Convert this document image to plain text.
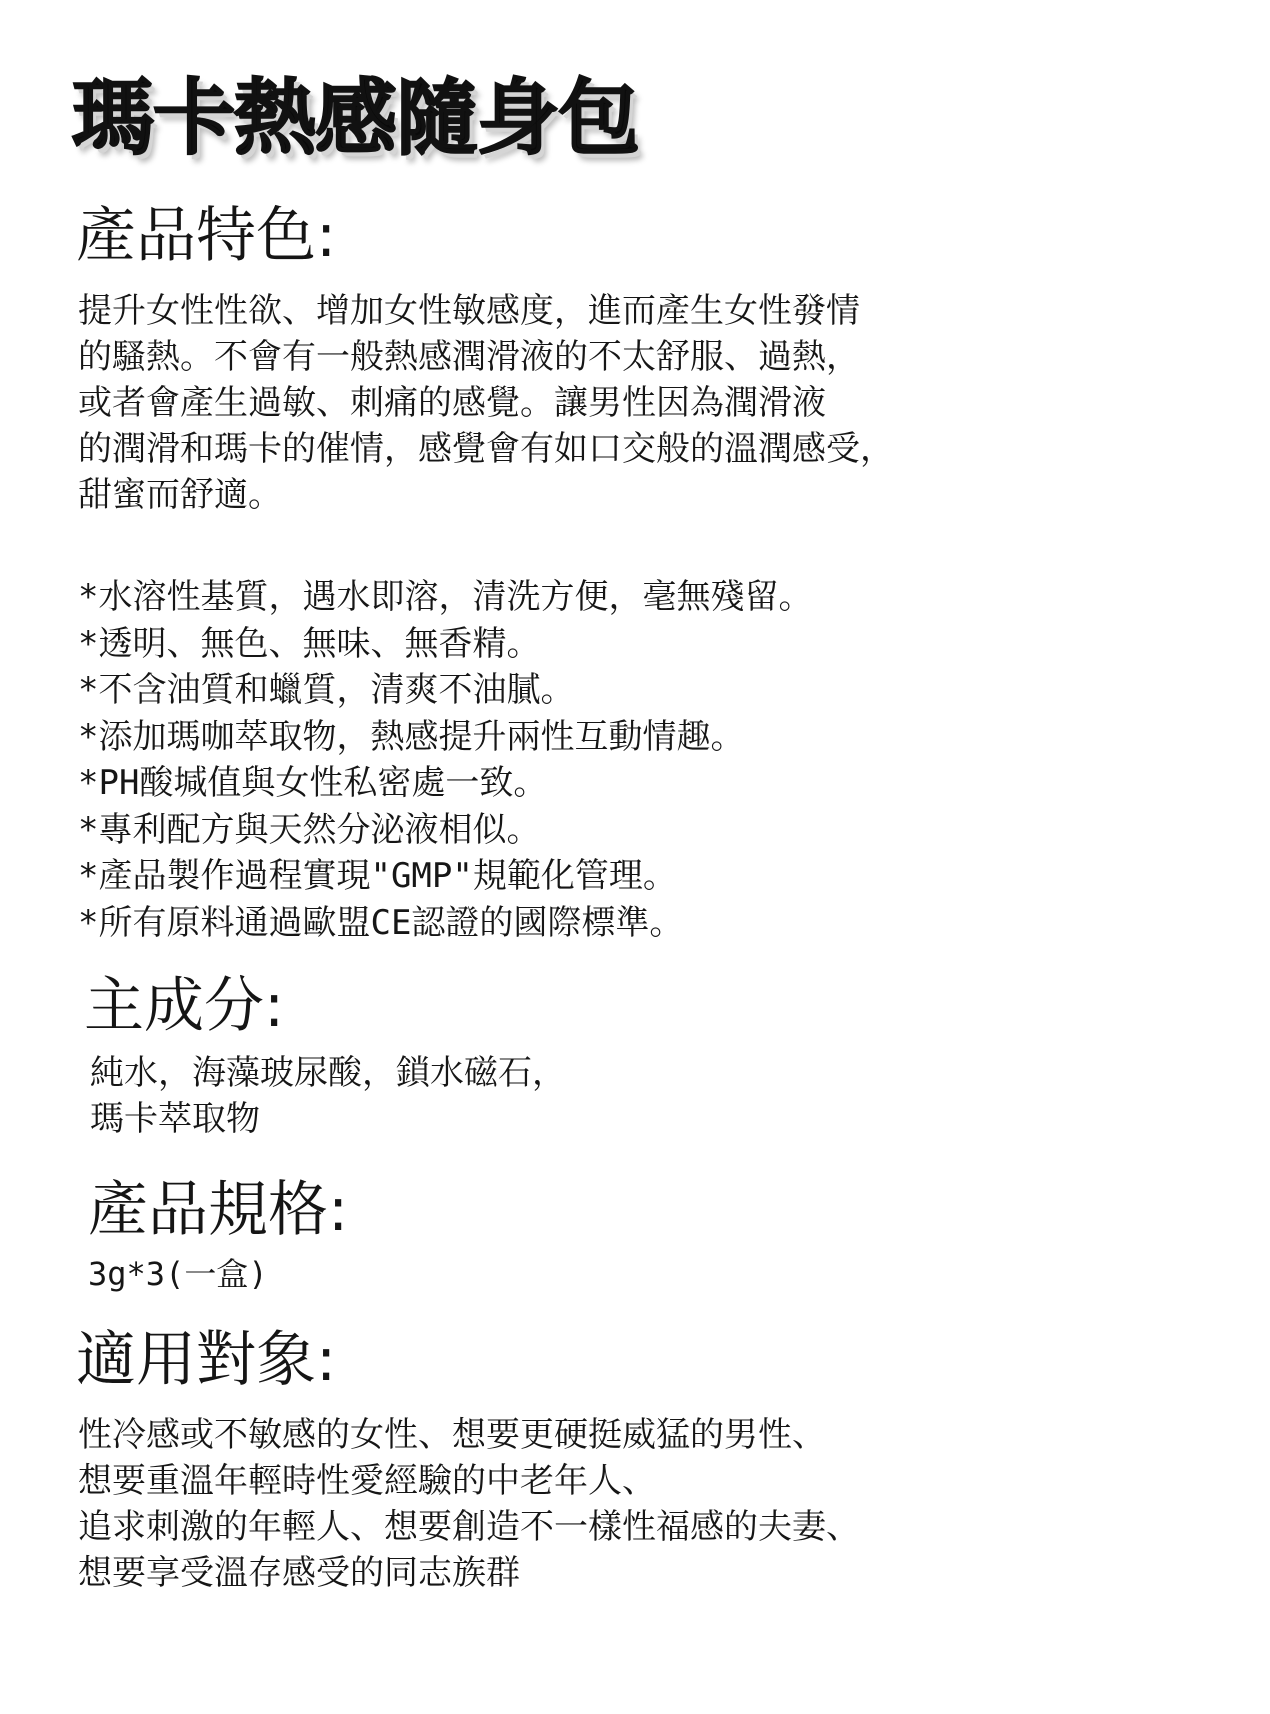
瑪卡熱感隨身包
產品特色:
提升女性性欲、增加女性敏感度，進而產生女性發情
的騷熱。不會有一般熱感潤滑液的不太舒服、過熱，
或者會產生過敏、刺痛的感覺。讓男性因為潤滑液
的潤滑和瑪卡的催情，感覺會有如口交般的溫潤感受，
甜蜜而舒適。
*水溶性基質，遇水即溶，清洗方便，毫無殘留。
*透明、無色、無味、無香精。
*不含油質和蠟質，清爽不油膩。
*添加瑪咖萃取物，熱感提升兩性互動情趣。
*PH酸堿值與女性私密處一致。
*專利配方與天然分泌液相似。
*產品製作過程實現"GMP"規範化管理。
*所有原料通過歐盟CE認證的國際標準。
主成分:
純水，海藻玻尿酸，鎖水磁石，
瑪卡萃取物
產品規格:
3g*3(一盒)
適用對象:
性冷感或不敏感的女性、想要更硬挺威猛的男性、
想要重溫年輕時性愛經驗的中老年人、
追求刺激的年輕人、想要創造不一樣性福感的夫妻、
想要享受溫存感受的同志族群
